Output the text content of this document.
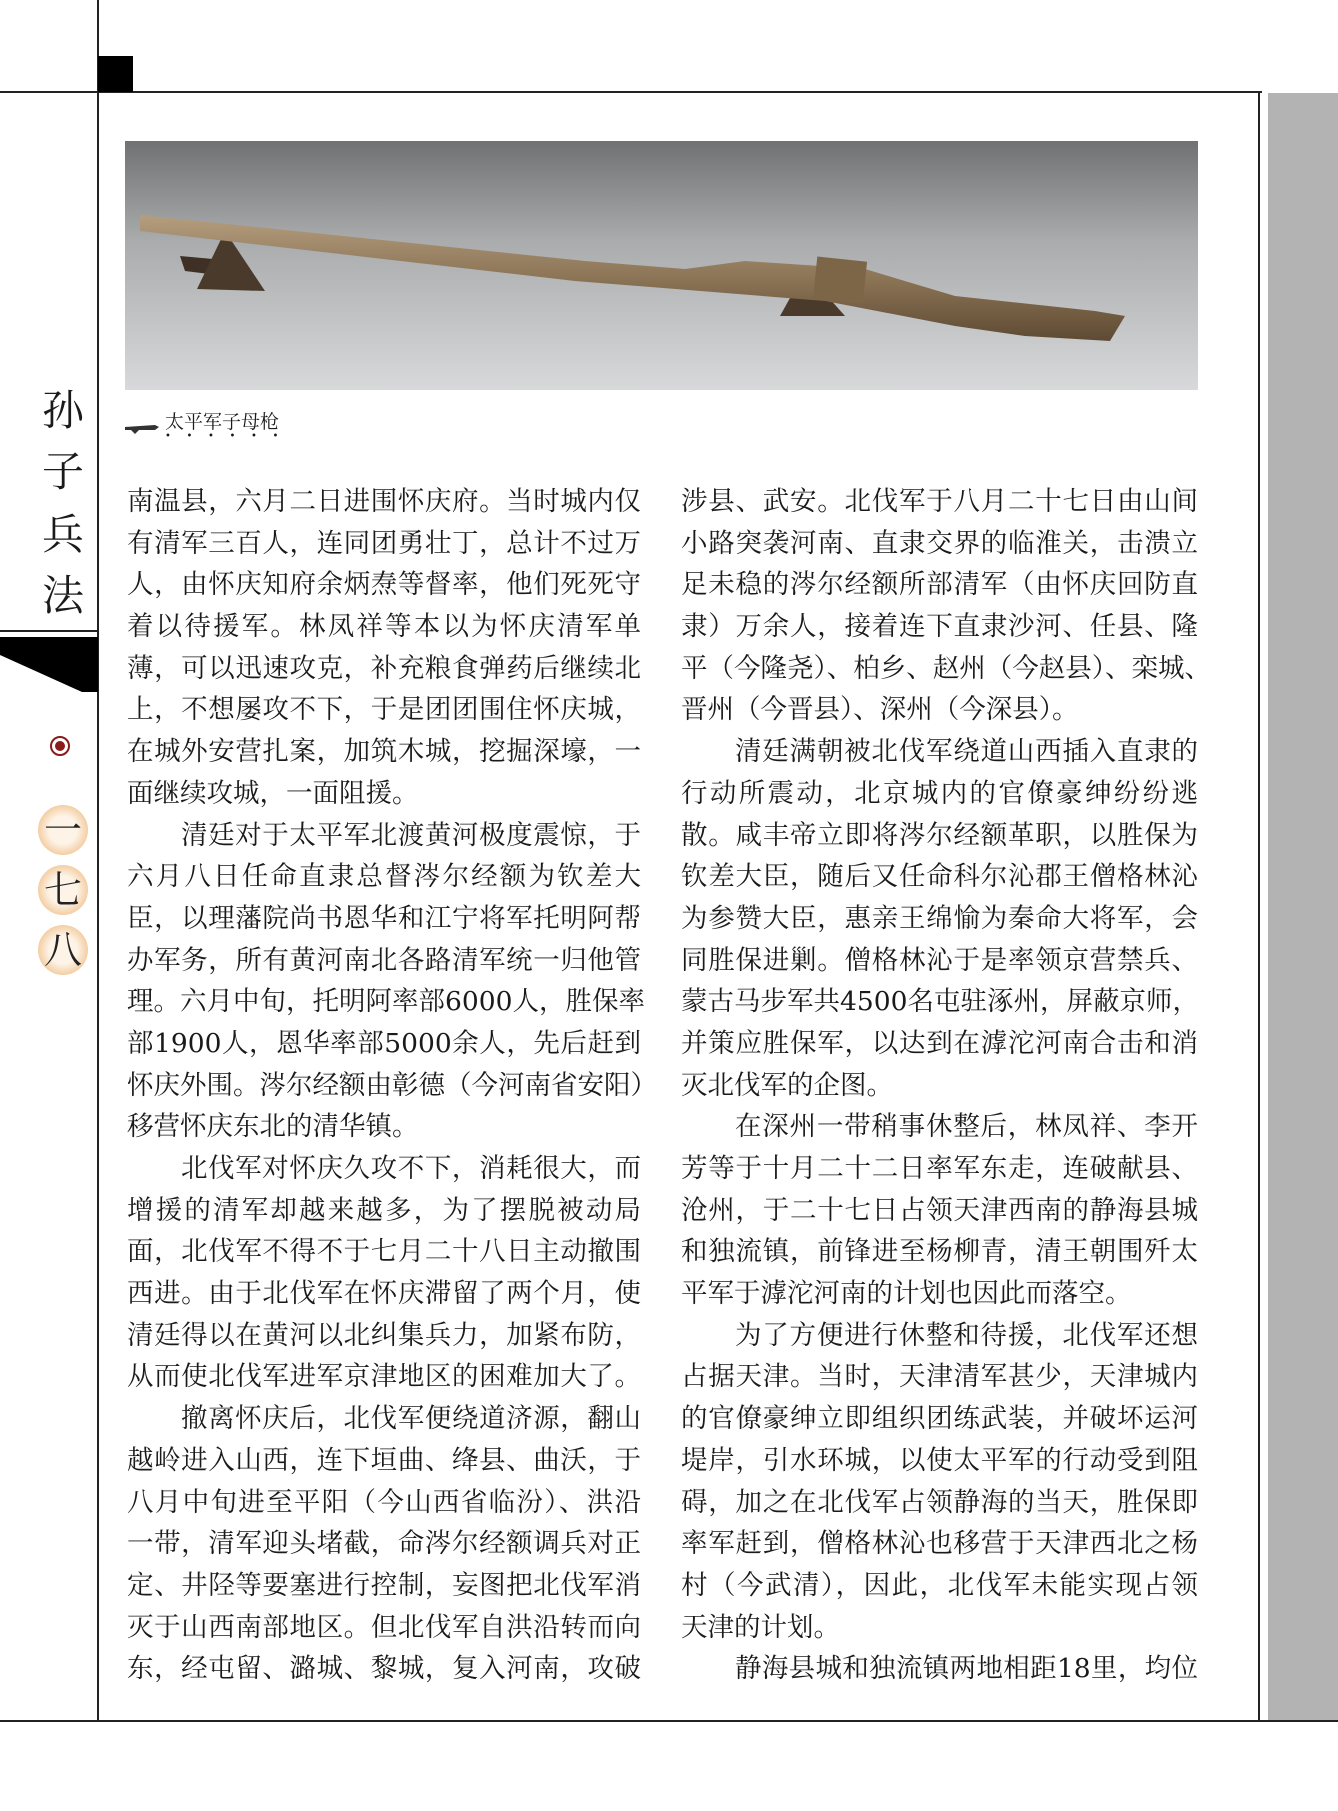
孙
子
兵
法
一
七
八
太平军子母枪
••••••
南温县，六月二日进围怀庆府。当时城内仅
有清军三百人，连同团勇壮丁，总计不过万
人，由怀庆知府余炳焘等督率，他们死死守
着以待援军。林凤祥等本以为怀庆清军单
薄，可以迅速攻克，补充粮食弹药后继续北
上，不想屡攻不下，于是团团围住怀庆城，
在城外安营扎案，加筑木城，挖掘深壕，一
面继续攻城，一面阻援。
清廷对于太平军北渡黄河极度震惊，于
六月八日任命直隶总督涔尔经额为钦差大
臣，以理藩院尚书恩华和江宁将军托明阿帮
办军务，所有黄河南北各路清军统一归他管
理。六月中旬，托明阿率部6000人，胜保率
部1900人，恩华率部5000余人，先后赶到
怀庆外围。涔尔经额由彰德（今河南省安阳）
移营怀庆东北的清华镇。
北伐军对怀庆久攻不下，消耗很大，而
增援的清军却越来越多，为了摆脱被动局
面，北伐军不得不于七月二十八日主动撤围
西进。由于北伐军在怀庆滞留了两个月，使
清廷得以在黄河以北纠集兵力，加紧布防，
从而使北伐军进军京津地区的困难加大了。
撤离怀庆后，北伐军便绕道济源，翻山
越岭进入山西，连下垣曲、绛县、曲沃，于
八月中旬进至平阳（今山西省临汾）、洪沿
一带，清军迎头堵截，命涔尔经额调兵对正
定、井陉等要塞进行控制，妄图把北伐军消
灭于山西南部地区。但北伐军自洪沿转而向
东，经屯留、潞城、黎城，复入河南，攻破
涉县、武安。北伐军于八月二十七日由山间
小路突袭河南、直隶交界的临淮关，击溃立
足未稳的涔尔经额所部清军（由怀庆回防直
隶）万余人，接着连下直隶沙河、任县、隆
平（今隆尧）、柏乡、赵州（今赵县）、栾城、
晋州（今晋县）、深州（今深县）。
清廷满朝被北伐军绕道山西插入直隶的
行动所震动，北京城内的官僚豪绅纷纷逃
散。咸丰帝立即将涔尔经额革职，以胜保为
钦差大臣，随后又任命科尔沁郡王僧格林沁
为参赞大臣，惠亲王绵愉为秦命大将军，会
同胜保进剿。僧格林沁于是率领京营禁兵、
蒙古马步军共4500名屯驻涿州，屏蔽京师，
并策应胜保军，以达到在滹沱河南合击和消
灭北伐军的企图。
在深州一带稍事休整后，林凤祥、李开
芳等于十月二十二日率军东走，连破献县、
沧州，于二十七日占领天津西南的静海县城
和独流镇，前锋进至杨柳青，清王朝围歼太
平军于滹沱河南的计划也因此而落空。
为了方便进行休整和待援，北伐军还想
占据天津。当时，天津清军甚少，天津城内
的官僚豪绅立即组织团练武装，并破坏运河
堤岸，引水环城，以使太平军的行动受到阻
碍，加之在北伐军占领静海的当天，胜保即
率军赶到，僧格林沁也移营于天津西北之杨
村（今武清），因此，北伐军未能实现占领
天津的计划。
静海县城和独流镇两地相距18里，均位
